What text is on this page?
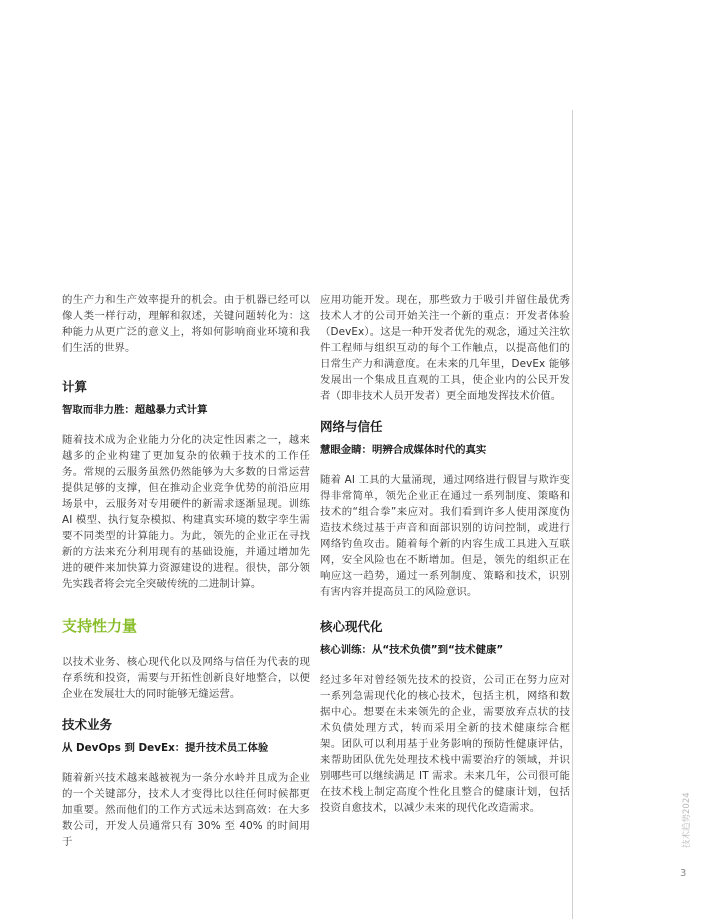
的生产力和生产效率提升的机会。由于机器已经可以像人类一样行动，理解和叙述，关键问题转化为：这种能力从更广泛的意义上，将如何影响商业环境和我们生活的世界。

计算

智取而非力胜：超越暴力式计算

随着技术成为企业能力分化的决定性因素之一，越来越多的企业构建了更加复杂的依赖于技术的工作任务。常规的云服务虽然仍然能够为大多数的日常运营提供足够的支撑，但在推动企业竞争优势的前沿应用场景中，云服务对专用硬件的新需求逐渐显现。训练 AI 模型、执行复杂模拟、构建真实环境的数字孪生需要不同类型的计算能力。为此，领先的企业正在寻找新的方法来充分利用现有的基础设施，并通过增加先进的硬件来加快算力资源建设的进程。很快，部分领先实践者将会完全突破传统的二进制计算。

支持性力量

以技术业务、核心现代化以及网络与信任为代表的现存系统和投资，需要与开拓性创新良好地整合，以便企业在发展壮大的同时能够无缝运营。

技术业务

从 DevOps 到 DevEx：提升技术员工体验

随着新兴技术越来越被视为一条分水岭并且成为企业的一个关键部分，技术人才变得比以往任何时候都更加重要。然而他们的工作方式远未达到高效：在大多数公司，开发人员通常只有 30% 至 40% 的时间用于

应用功能开发。现在，那些致力于吸引并留住最优秀技术人才的公司开始关注一个新的重点：开发者体验（DevEx）。这是一种开发者优先的观念，通过关注软件工程师与组织互动的每个工作触点，以提高他们的日常生产力和满意度。在未来的几年里，DevEx 能够发展出一个集成且直观的工具，使企业内的公民开发者（即非技术人员开发者）更全面地发挥技术价值。

网络与信任

慧眼金睛：明辨合成媒体时代的真实

随着 AI 工具的大量涌现，通过网络进行假冒与欺诈变得非常简单，领先企业正在通过一系列制度、策略和技术的“组合拳”来应对。我们看到许多人使用深度伪造技术绕过基于声音和面部识别的访问控制，或进行网络钓鱼攻击。随着每个新的内容生成工具进入互联网，安全风险也在不断增加。但是，领先的组织正在响应这一趋势，通过一系列制度、策略和技术，识别有害内容并提高员工的风险意识。

核心现代化

核心训练：从“技术负债”到“技术健康”

经过多年对曾经领先技术的投资，公司正在努力应对一系列急需现代化的核心技术，包括主机，网络和数据中心。想要在未来领先的企业，需要放弃点状的技术负债处理方式，转而采用全新的技术健康综合框架。团队可以利用基于业务影响的预防性健康评估，来帮助团队优先处理技术栈中需要治疗的领域，并识别哪些可以继续满足 IT 需求。未来几年，公司很可能在技术栈上制定高度个性化且整合的健康计划，包括投资自愈技术，以减少未来的现代化改造需求。	技术趋势2024
3
